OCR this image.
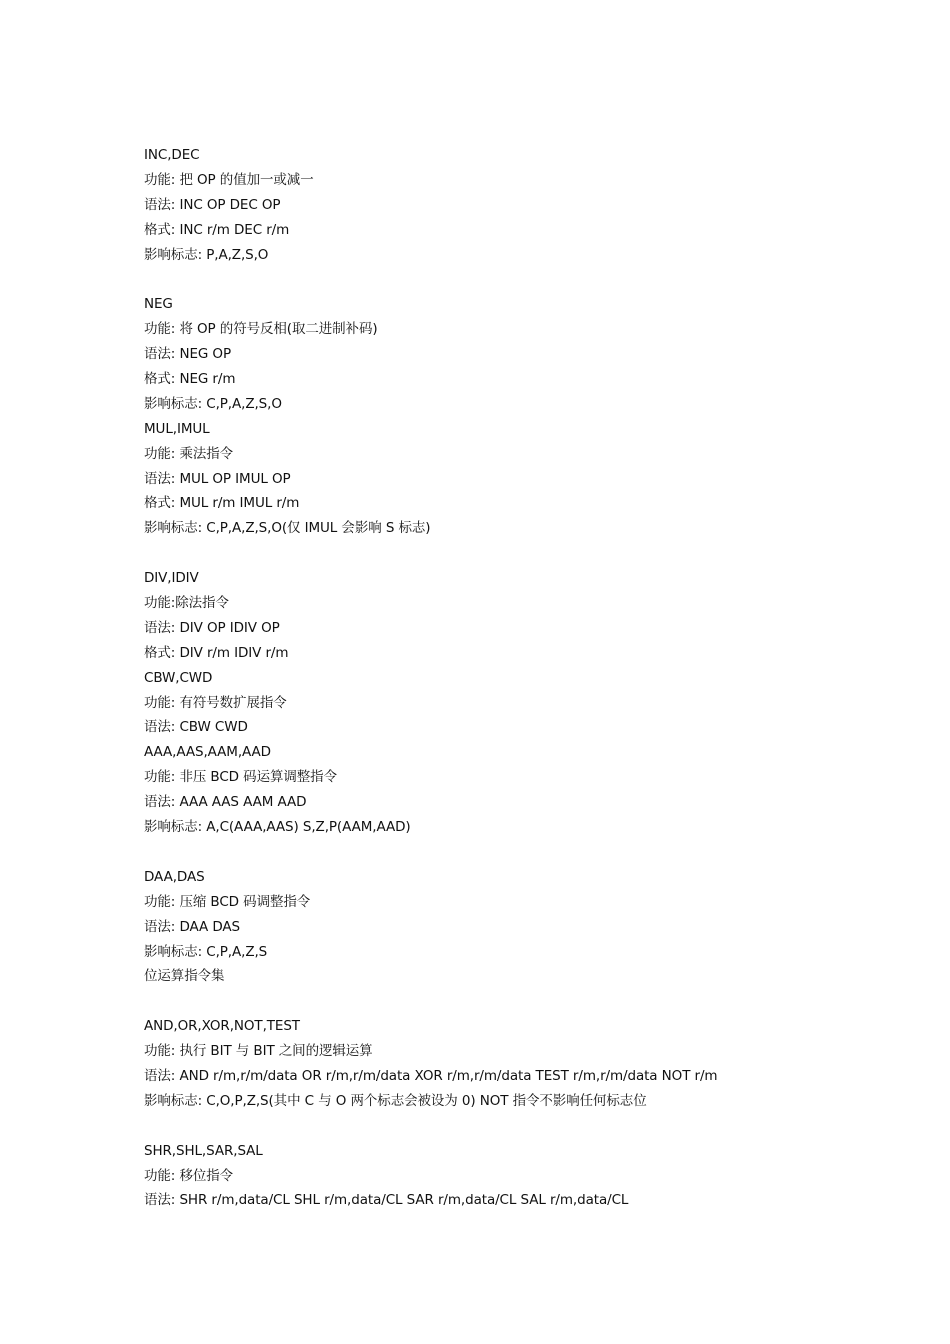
INC,DEC
功能: 把 OP 的值加一或减一
语法: INC OP DEC OP
格式: INC r/m DEC r/m
影响标志: P,A,Z,S,O
NEG
功能: 将 OP 的符号反相(取二进制补码)
语法: NEG OP
格式: NEG r/m
影响标志: C,P,A,Z,S,O
MUL,IMUL
功能: 乘法指令
语法: MUL OP IMUL OP
格式: MUL r/m IMUL r/m
影响标志: C,P,A,Z,S,O(仅 IMUL 会影响 S 标志)
DIV,IDIV
功能:除法指令
语法: DIV OP IDIV OP
格式: DIV r/m IDIV r/m
CBW,CWD
功能: 有符号数扩展指令
语法: CBW CWD
AAA,AAS,AAM,AAD
功能: 非压 BCD 码运算调整指令
语法: AAA AAS AAM AAD
影响标志: A,C(AAA,AAS) S,Z,P(AAM,AAD)
DAA,DAS
功能: 压缩 BCD 码调整指令
语法: DAA DAS
影响标志: C,P,A,Z,S
位运算指令集
AND,OR,XOR,NOT,TEST
功能: 执行 BIT 与 BIT 之间的逻辑运算
语法: AND r/m,r/m/data OR r/m,r/m/data XOR r/m,r/m/data TEST r/m,r/m/data NOT r/m
影响标志: C,O,P,Z,S(其中 C 与 O 两个标志会被设为 0) NOT 指令不影响任何标志位
SHR,SHL,SAR,SAL
功能: 移位指令
语法: SHR r/m,data/CL SHL r/m,data/CL SAR r/m,data/CL SAL r/m,data/CL
